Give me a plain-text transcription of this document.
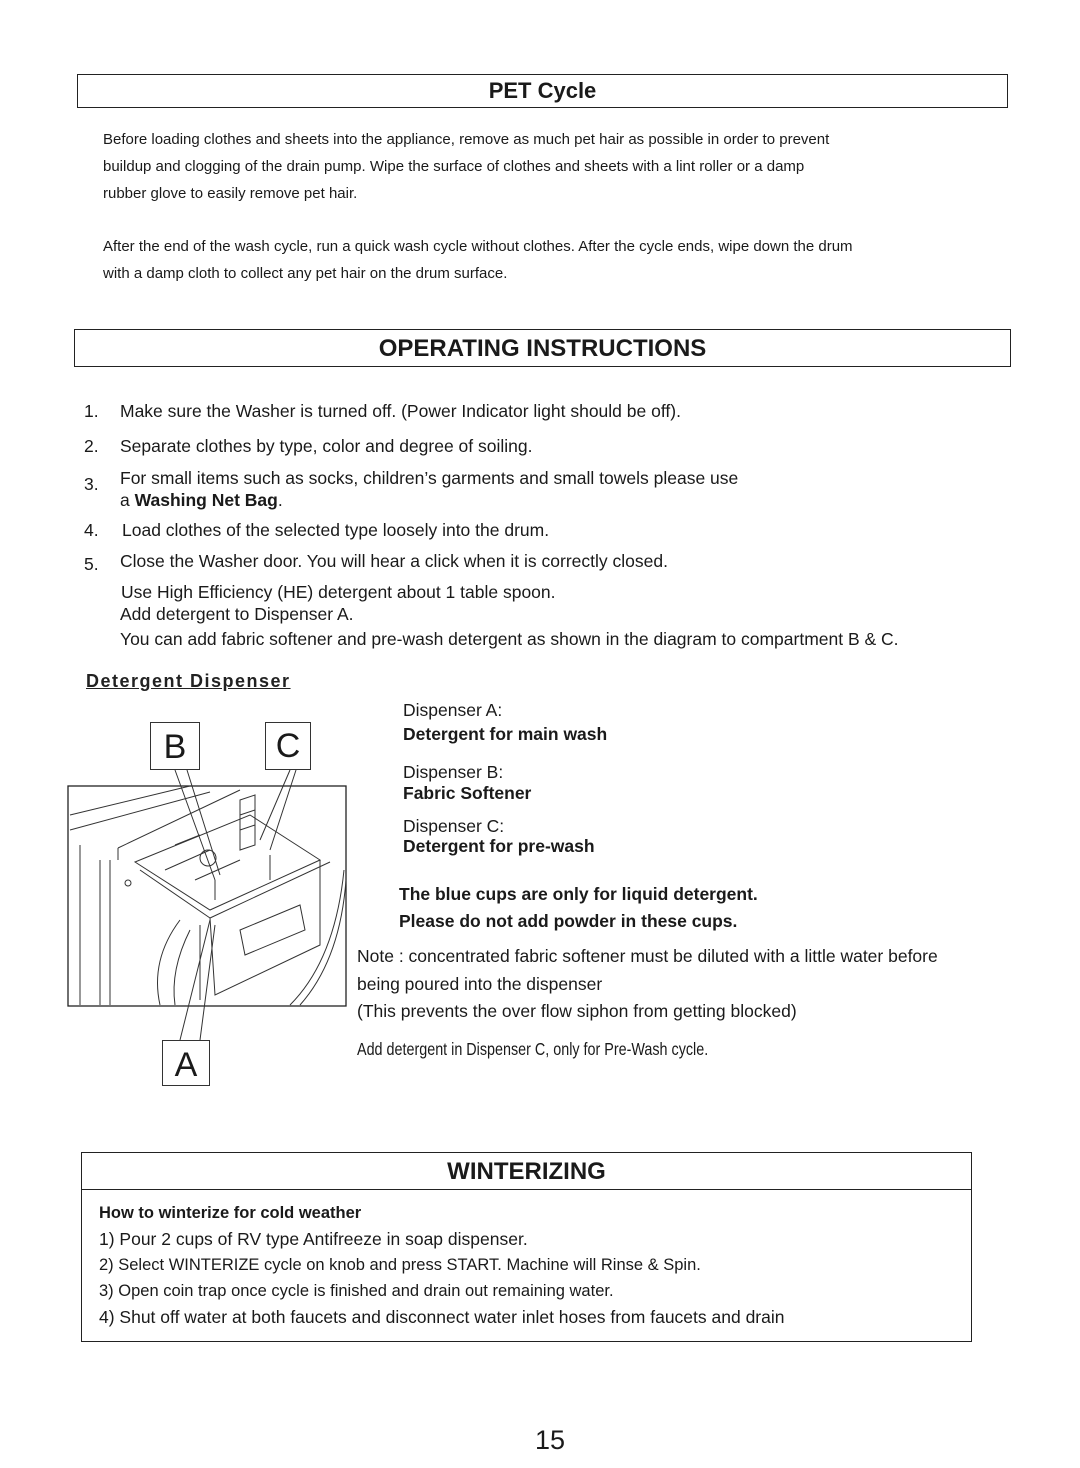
PET Cycle
Before loading clothes and sheets into the appliance, remove as much pet hair as possible in order to prevent
buildup and clogging of the drain pump. Wipe the surface of clothes and sheets with a lint roller or a damp
rubber glove to easily remove pet hair.
After the end of the wash cycle, run a quick wash cycle without clothes. After the cycle ends, wipe down the drum
with a damp cloth to collect any pet hair on the drum surface.
OPERATING INSTRUCTIONS
1. Make sure the Washer is turned off. (Power Indicator light should be off).
2. Separate clothes by type, color and degree of soiling.
3. For small items such as socks, children’s garments and small towels please use
a Washing Net Bag.
4. Load clothes of the selected type loosely into the drum.
5. Close the Washer door. You will hear a click when it is correctly closed.
Use High Efficiency (HE) detergent about 1 table spoon.
Add detergent to Dispenser A.
You can add fabric softener and pre-wash detergent as shown in the diagram to compartment B & C.
Detergent Dispenser
B	C
A
Dispenser A:
Detergent for main wash
Dispenser B:
Fabric Softener
Dispenser C:
Detergent for pre-wash
The blue cups are only for liquid detergent.
Please do not add powder in these cups.
Note : concentrated fabric softener must be diluted with a little water before
being poured into the dispenser
(This prevents the over flow siphon from getting blocked)
Add detergent in Dispenser C, only for Pre-Wash cycle.
WINTERIZING
How to winterize for cold weather
1) Pour 2 cups of RV type Antifreeze in soap dispenser.
2) Select WINTERIZE cycle on knob and press START. Machine will Rinse & Spin.
3) Open coin trap once cycle is finished and drain out remaining water.
4) Shut off water at both faucets and disconnect water inlet hoses from faucets and drain
15
